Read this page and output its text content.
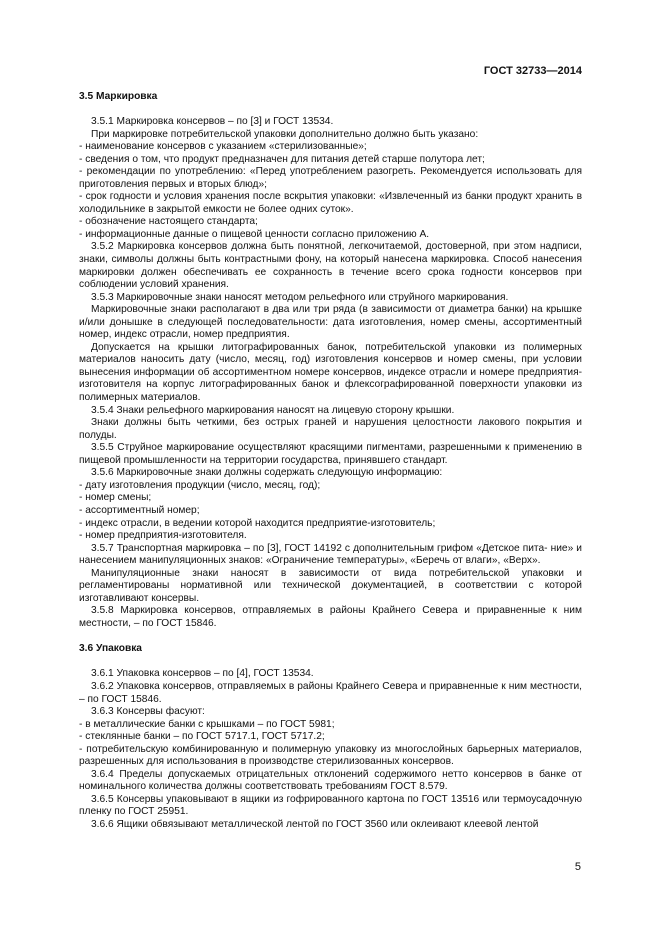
ГОСТ 32733—2014

3.5 Маркировка

3.5.1 Маркировка консервов – по [3] и ГОСТ 13534.

При маркировке потребительской упаковки дополнительно должно быть указано:

- наименование консервов с указанием «стерилизованные»;

- сведения о том, что продукт предназначен для питания детей старше полутора лет;

- рекомендации по употреблению: «Перед употреблением разогреть. Рекомендуется использовать для приготовления первых и вторых блюд»;

- срок годности и условия хранения после вскрытия упаковки: «Извлеченный из банки продукт хранить в холодильнике в закрытой емкости не более одних суток».

- обозначение настоящего стандарта;

- информационные данные о пищевой ценности согласно приложению А.

3.5.2 Маркировка консервов должна быть понятной, легкочитаемой, достоверной, при этом надписи, знаки, символы должны быть контрастными фону, на который нанесена маркировка. Способ нанесения маркировки должен обеспечивать ее сохранность в течение всего срока годности консервов при соблюдении условий хранения.

3.5.3 Маркировочные знаки наносят методом рельефного или струйного маркирования.

Маркировочные знаки располагают в два или три ряда (в зависимости от диаметра банки) на крышке и/или донышке в следующей последовательности: дата изготовления, номер смены, ассортиментный номер, индекс отрасли, номер предприятия.

Допускается на крышки литографированных банок, потребительской упаковки из полимерных материалов наносить дату (число, месяц, год) изготовления консервов и номер смены, при условии вынесения информации об ассортиментном номере консервов, индексе отрасли и номере предприятия-изготовителя на корпус литографированных банок и флексографированной поверхности упаковки из полимерных материалов.

3.5.4 Знаки рельефного маркирования наносят на лицевую сторону крышки.

Знаки должны быть четкими, без острых граней и нарушения целостности лакового покрытия и полуды.

3.5.5 Струйное маркирование осуществляют красящими пигментами, разрешенными к применению в пищевой промышленности на территории государства, принявшего стандарт.

3.5.6 Маркировочные знаки должны содержать следующую информацию:

- дату изготовления продукции (число, месяц, год);

- номер смены;

- ассортиментный номер;

- индекс отрасли, в ведении которой находится предприятие-изготовитель;

- номер предприятия-изготовителя.

3.5.7 Транспортная маркировка – по [3], ГОСТ 14192 с дополнительным грифом «Детское пита- ние» и нанесением манипуляционных знаков: «Ограничение температуры», «Беречь от влаги», «Верх».

Манипуляционные знаки наносят в зависимости от вида потребительской упаковки и регламентированы нормативной или технической документацией, в соответствии с которой изготавливают консервы.

3.5.8 Маркировка консервов, отправляемых в районы Крайнего Севера и приравненные к ним местности, – по ГОСТ 15846.

3.6 Упаковка

3.6.1 Упаковка консервов – по [4], ГОСТ 13534.

3.6.2 Упаковка консервов, отправляемых в районы Крайнего Севера и приравненные к ним местности, – по ГОСТ 15846.

3.6.3 Консервы фасуют:

- в металлические банки с крышками – по ГОСТ 5981;

- стеклянные банки – по ГОСТ 5717.1, ГОСТ 5717.2;

- потребительскую комбинированную и полимерную упаковку из многослойных барьерных материалов, разрешенных для использования в производстве стерилизованных консервов.

3.6.4 Пределы допускаемых отрицательных отклонений содержимого нетто консервов в банке от номинального количества должны соответствовать требованиям ГОСТ 8.579.

3.6.5 Консервы упаковывают в ящики из гофрированного картона по ГОСТ 13516 или термоусадочную пленку по ГОСТ 25951.

3.6.6 Ящики обвязывают металлической лентой по ГОСТ 3560 или оклеивают клеевой лентой

5
